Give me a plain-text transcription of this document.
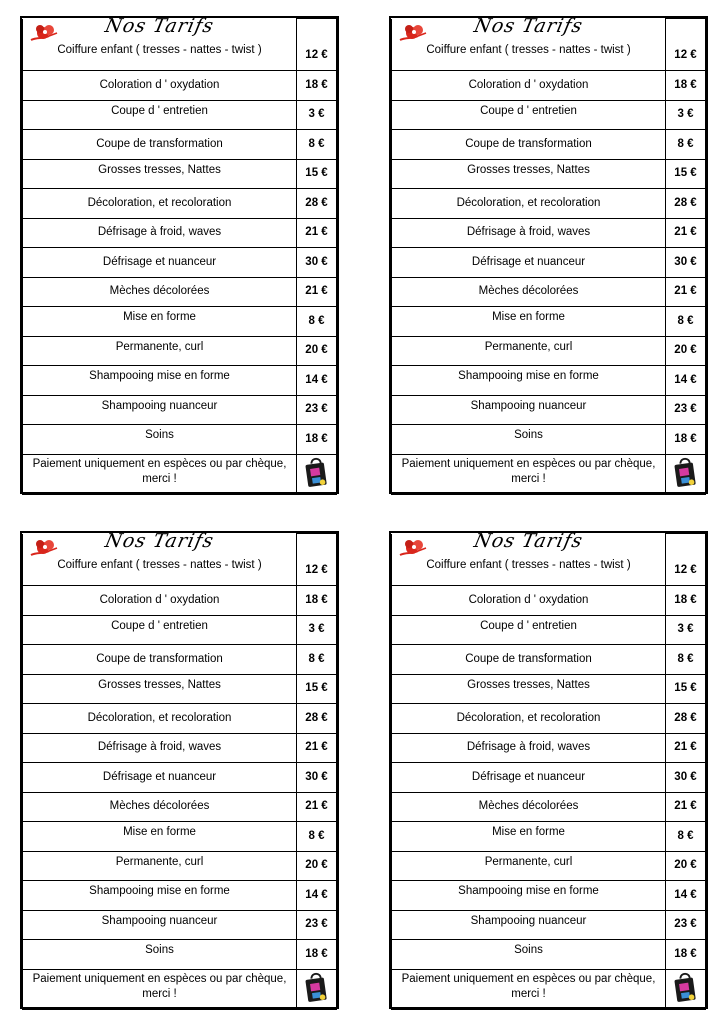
Nos Tarifs
Coiffure enfant ( tresses - nattes - twist )	12 €
Coloration d ' oxydation	18 €
Coupe d ' entretien	3 €
Coupe de transformation	8 €
Grosses tresses, Nattes	15 €
Décoloration, et recoloration	28 €
Défrisage à froid, waves	21 €
Défrisage et nuanceur	30 €
Mèches décolorées	21 €
Mise en forme	8 €
Permanente, curl	20 €
Shampooing mise en forme	14 €
Shampooing nuanceur	23 €
Soins	18 €
Paiement uniquement en espèces ou par chèque, merci !	
Nos Tarifs
Coiffure enfant ( tresses - nattes - twist )	12 €
Coloration d ' oxydation	18 €
Coupe d ' entretien	3 €
Coupe de transformation	8 €
Grosses tresses, Nattes	15 €
Décoloration, et recoloration	28 €
Défrisage à froid, waves	21 €
Défrisage et nuanceur	30 €
Mèches décolorées	21 €
Mise en forme	8 €
Permanente, curl	20 €
Shampooing mise en forme	14 €
Shampooing nuanceur	23 €
Soins	18 €
Paiement uniquement en espèces ou par chèque, merci !	
Nos Tarifs
Coiffure enfant ( tresses - nattes - twist )	12 €
Coloration d ' oxydation	18 €
Coupe d ' entretien	3 €
Coupe de transformation	8 €
Grosses tresses, Nattes	15 €
Décoloration, et recoloration	28 €
Défrisage à froid, waves	21 €
Défrisage et nuanceur	30 €
Mèches décolorées	21 €
Mise en forme	8 €
Permanente, curl	20 €
Shampooing mise en forme	14 €
Shampooing nuanceur	23 €
Soins	18 €
Paiement uniquement en espèces ou par chèque, merci !	
Nos Tarifs
Coiffure enfant ( tresses - nattes - twist )	12 €
Coloration d ' oxydation	18 €
Coupe d ' entretien	3 €
Coupe de transformation	8 €
Grosses tresses, Nattes	15 €
Décoloration, et recoloration	28 €
Défrisage à froid, waves	21 €
Défrisage et nuanceur	30 €
Mèches décolorées	21 €
Mise en forme	8 €
Permanente, curl	20 €
Shampooing mise en forme	14 €
Shampooing nuanceur	23 €
Soins	18 €
Paiement uniquement en espèces ou par chèque, merci !	
